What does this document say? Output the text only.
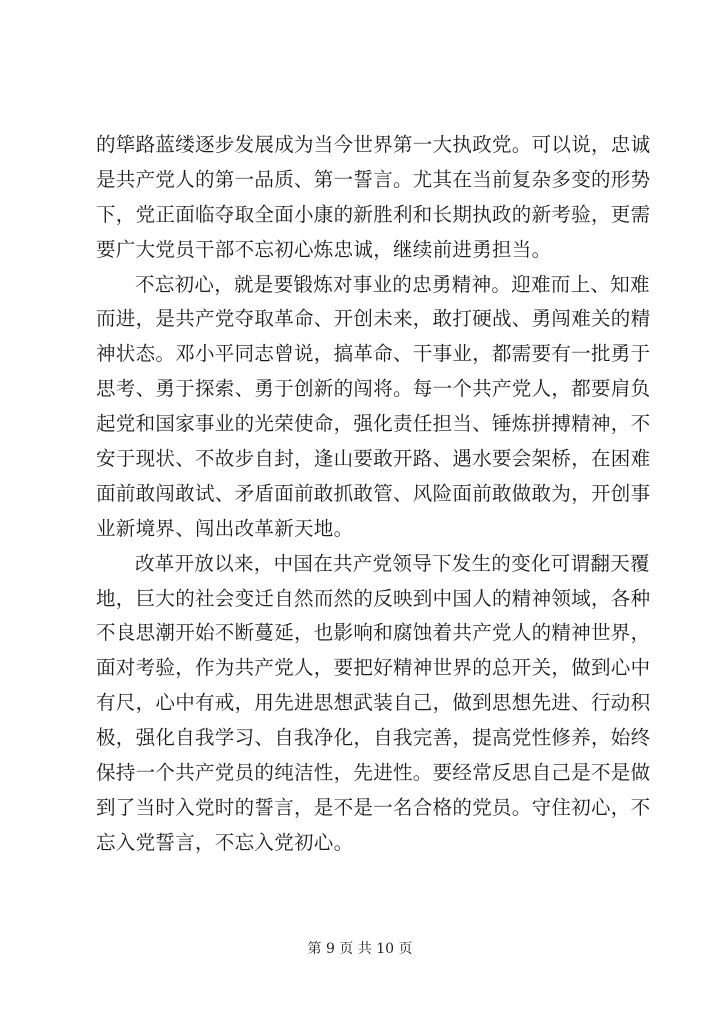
的筚路蓝缕逐步发展成为当今世界第一大执政党。可以说，忠诚
是共产党人的第一品质、第一誓言。尤其在当前复杂多变的形势
下，党正面临夺取全面小康的新胜利和长期执政的新考验，更需
要广大党员干部不忘初心炼忠诚，继续前进勇担当。
不忘初心，就是要锻炼对事业的忠勇精神。迎难而上、知难
而进，是共产党夺取革命、开创未来，敢打硬战、勇闯难关的精
神状态。邓小平同志曾说，搞革命、干事业，都需要有一批勇于
思考、勇于探索、勇于创新的闯将。每一个共产党人，都要肩负
起党和国家事业的光荣使命，强化责任担当、锤炼拼搏精神，不
安于现状、不故步自封，逢山要敢开路、遇水要会架桥，在困难
面前敢闯敢试、矛盾面前敢抓敢管、风险面前敢做敢为，开创事
业新境界、闯出改革新天地。
改革开放以来，中国在共产党领导下发生的变化可谓翻天覆
地，巨大的社会变迁自然而然的反映到中国人的精神领域，各种
不良思潮开始不断蔓延，也影响和腐蚀着共产党人的精神世界，
面对考验，作为共产党人，要把好精神世界的总开关，做到心中
有尺，心中有戒，用先进思想武装自己，做到思想先进、行动积
极，强化自我学习、自我净化，自我完善，提高党性修养，始终
保持一个共产党员的纯洁性，先进性。要经常反思自己是不是做
到了当时入党时的誓言，是不是一名合格的党员。守住初心，不
忘入党誓言，不忘入党初心。
第 9 页 共 10 页
